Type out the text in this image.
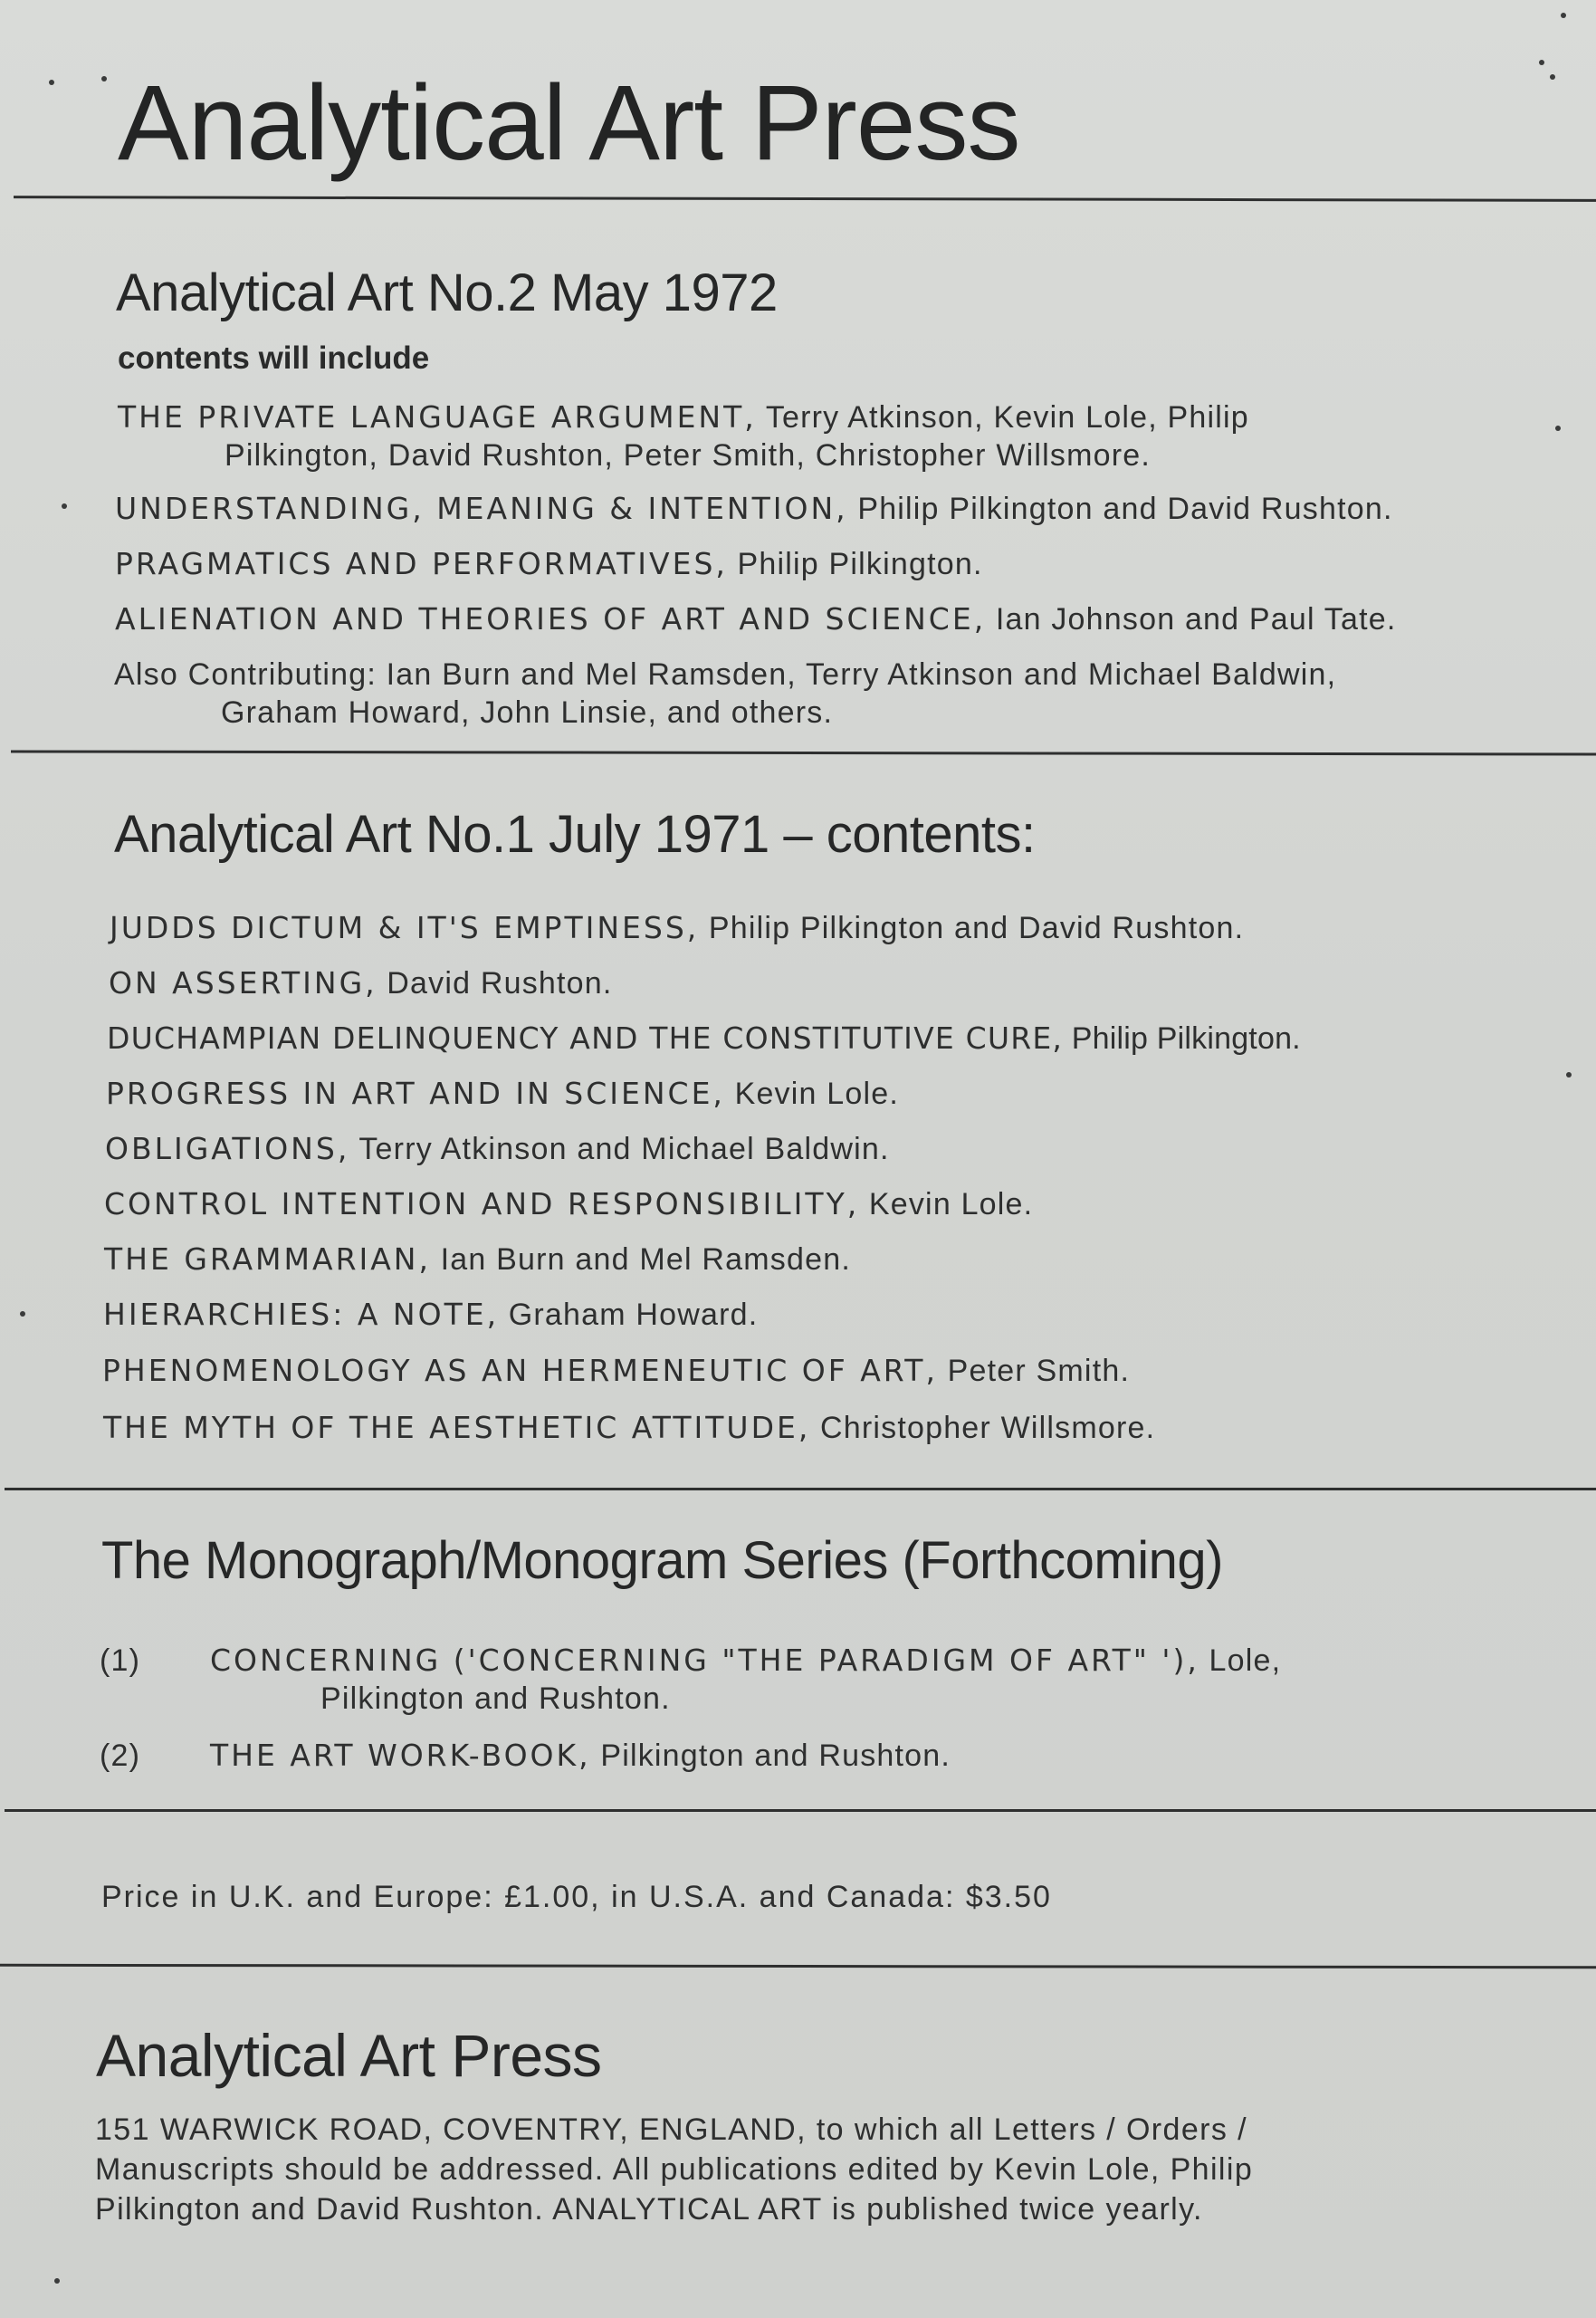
Analytical Art Press
Analytical Art No.2 May 1972
contents will include
THE PRIVATE LANGUAGE ARGUMENT, Terry Atkinson, Kevin Lole, Philip
Pilkington, David Rushton, Peter Smith, Christopher Willsmore.
UNDERSTANDING, MEANING & INTENTION, Philip Pilkington and David Rushton.
PRAGMATICS AND PERFORMATIVES, Philip Pilkington.
ALIENATION AND THEORIES OF ART AND SCIENCE, Ian Johnson and Paul Tate.
Also Contributing: Ian Burn and Mel Ramsden, Terry Atkinson and Michael Baldwin,
Graham Howard, John Linsie, and others.
Analytical Art No.1 July 1971 – contents:
JUDDS DICTUM & IT'S EMPTINESS, Philip Pilkington and David Rushton.
ON ASSERTING, David Rushton.
DUCHAMPIAN DELINQUENCY AND THE CONSTITUTIVE CURE, Philip Pilkington.
PROGRESS IN ART AND IN SCIENCE, Kevin Lole.
OBLIGATIONS, Terry Atkinson and Michael Baldwin.
CONTROL INTENTION AND RESPONSIBILITY, Kevin Lole.
THE GRAMMARIAN, Ian Burn and Mel Ramsden.
HIERARCHIES: A NOTE, Graham Howard.
PHENOMENOLOGY AS AN HERMENEUTIC OF ART, Peter Smith.
THE MYTH OF THE AESTHETIC ATTITUDE, Christopher Willsmore.
The Monograph/Monogram Series (Forthcoming)
(1) CONCERNING ('CONCERNING "THE PARADIGM OF ART" '), Lole,
Pilkington and Rushton.
(2) THE ART WORK-BOOK, Pilkington and Rushton.
Price in U.K. and Europe: £1.00, in U.S.A. and Canada: $3.50
Analytical Art Press
151 WARWICK ROAD, COVENTRY, ENGLAND, to which all Letters / Orders /
Manuscripts should be addressed. All publications edited by Kevin Lole, Philip
Pilkington and David Rushton. ANALYTICAL ART is published twice yearly.
